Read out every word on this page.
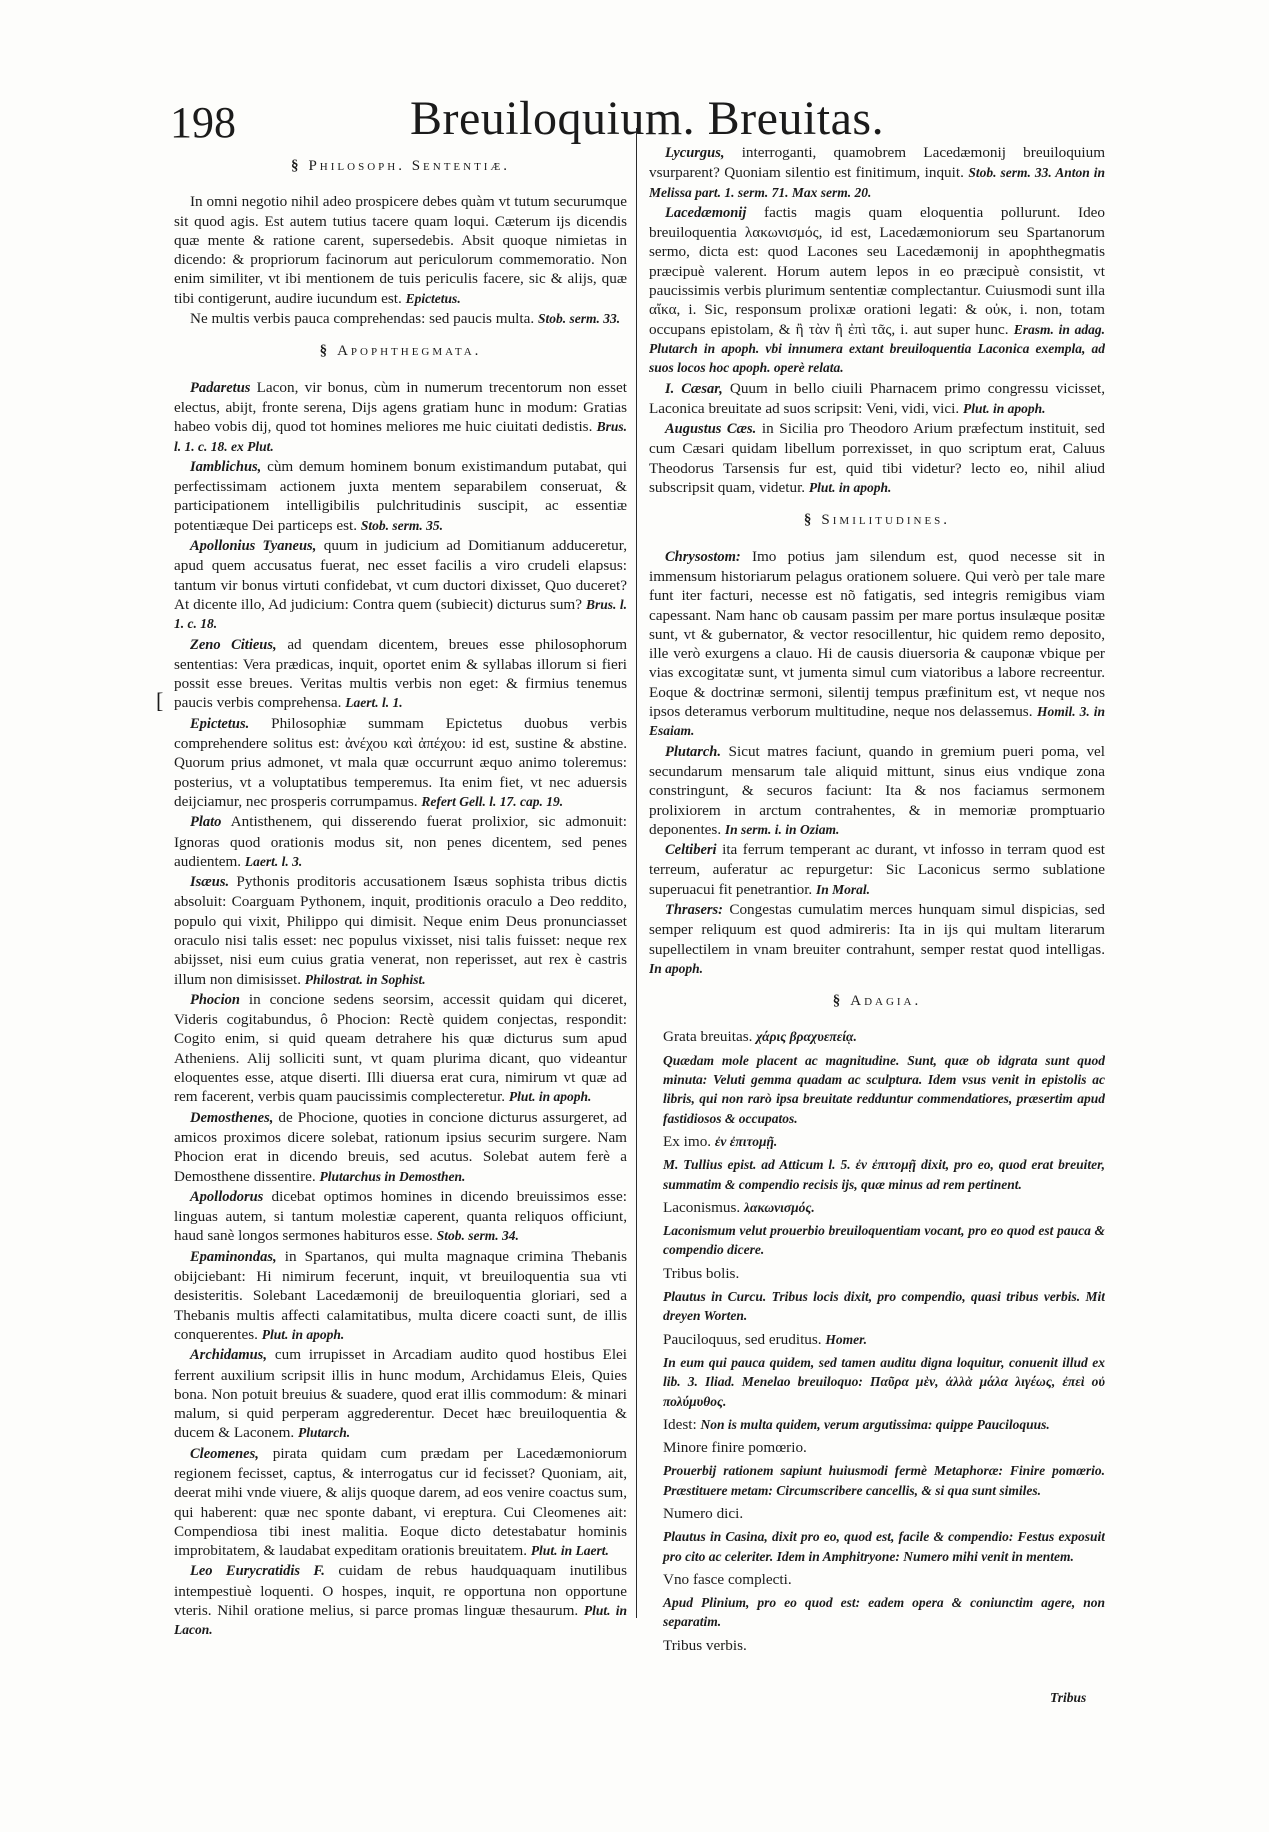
198	Breuiloquium. Breuitas.
[
§ Philosoph. Sententiæ.

In omni negotio nihil adeo prospicere debes quàm vt tutum securumque sit quod agis. Est autem tutius tacere quam loqui. Cæterum ijs dicendis quæ mente & ratione carent, supersedebis. Absit quoque nimietas in dicendo: & propriorum facinorum aut periculorum commemoratio. Non enim similiter, vt ibi mentionem de tuis periculis facere, sic & alijs, quæ tibi contigerunt, audire iucundum est. Epictetus.

Ne multis verbis pauca comprehendas: sed paucis multa. Stob. serm. 33.

§ Apophthegmata.

Padaretus Lacon, vir bonus, cùm in numerum trecentorum non esset electus, abijt, fronte serena, Dijs agens gratiam hunc in modum: Gratias habeo vobis dij, quod tot homines meliores me huic ciuitati dedistis. Brus. l. 1. c. 18. ex Plut.

Iamblichus, cùm demum hominem bonum existimandum putabat, qui perfectissimam actionem juxta mentem separabilem conseruat, & participationem intelligibilis pulchritudinis suscipit, ac essentiæ potentiæque Dei particeps est. Stob. serm. 35.

Apollonius Tyaneus, quum in judicium ad Domitianum adduceretur, apud quem accusatus fuerat, nec esset facilis a viro crudeli elapsus: tantum vir bonus virtuti confidebat, vt cum ductori dixisset, Quo duceret? At dicente illo, Ad judicium: Contra quem (subiecit) dicturus sum? Brus. l. 1. c. 18.

Zeno Citieus, ad quendam dicentem, breues esse philosophorum sententias: Vera prædicas, inquit, oportet enim & syllabas illorum si fieri possit esse breues. Veritas multis verbis non eget: & firmius tenemus paucis verbis comprehensa. Laert. l. 1.

Epictetus. Philosophiæ summam Epictetus duobus verbis comprehendere solitus est: ἀνέχου καὶ ἀπέχου: id est, sustine & abstine. Quorum prius admonet, vt mala quæ occurrunt æquo animo toleremus: posterius, vt a voluptatibus temperemus. Ita enim fiet, vt nec aduersis deijciamur, nec prosperis corrumpamus. Refert Gell. l. 17. cap. 19.

Plato Antisthenem, qui disserendo fuerat prolixior, sic admonuit: Ignoras quod orationis modus sit, non penes dicentem, sed penes audientem. Laert. l. 3.

Isæus. Pythonis proditoris accusationem Isæus sophista tribus dictis absoluit: Coarguam Pythonem, inquit, proditionis oraculo a Deo reddito, populo qui vixit, Philippo qui dimisit. Neque enim Deus pronunciasset oraculo nisi talis esset: nec populus vixisset, nisi talis fuisset: neque rex abijsset, nisi eum cuius gratia venerat, non reperisset, aut rex è castris illum non dimisisset. Philostrat. in Sophist.

Phocion in concione sedens seorsim, accessit quidam qui diceret, Videris cogitabundus, ô Phocion: Rectè quidem conjectas, respondit: Cogito enim, si quid queam detrahere his quæ dicturus sum apud Atheniens. Alij solliciti sunt, vt quam plurima dicant, quo videantur eloquentes esse, atque diserti. Illi diuersa erat cura, nimirum vt quæ ad rem facerent, verbis quam paucissimis complecteretur. Plut. in apoph.

Demosthenes, de Phocione, quoties in concione dicturus assurgeret, ad amicos proximos dicere solebat, rationum ipsius securim surgere. Nam Phocion erat in dicendo breuis, sed acutus. Solebat autem ferè a Demosthene dissentire. Plutarchus in Demosthen.

Apollodorus dicebat optimos homines in dicendo breuissimos esse: linguas autem, si tantum molestiæ caperent, quanta reliquos officiunt, haud sanè longos sermones habituros esse. Stob. serm. 34.

Epaminondas, in Spartanos, qui multa magnaque crimina Thebanis obijciebant: Hi nimirum fecerunt, inquit, vt breuiloquentia sua vti desisteritis. Solebant Lacedæmonij de breuiloquentia gloriari, sed a Thebanis multis affecti calamitatibus, multa dicere coacti sunt, de illis conquerentes. Plut. in apoph.

Archidamus, cum irrupisset in Arcadiam audito quod hostibus Elei ferrent auxilium scripsit illis in hunc modum, Archidamus Eleis, Quies bona. Non potuit breuius & suadere, quod erat illis commodum: & minari malum, si quid perperam aggrederentur. Decet hæc breuiloquentia & ducem & Laconem. Plutarch.

Cleomenes, pirata quidam cum prædam per Lacedæmoniorum regionem fecisset, captus, & interrogatus cur id fecisset? Quoniam, ait, deerat mihi vnde viuere, & alijs quoque darem, ad eos venire coactus sum, qui haberent: quæ nec sponte dabant, vi ereptura. Cui Cleomenes ait: Compendiosa tibi inest malitia. Eoque dicto detestabatur hominis improbitatem, & laudabat expeditam orationis breuitatem. Plut. in Laert.

Leo Eurycratidis F. cuidam de rebus haudquaquam inutilibus intempestiuè loquenti. O hospes, inquit, re opportuna non opportune vteris. Nihil oratione melius, si parce promas linguæ thesaurum. Plut. in Lacon.

Lycurgus, interroganti, quamobrem Lacedæmonij breuiloquium vsurparent? Quoniam silentio est finitimum, inquit. Stob. serm. 33. Anton in Melissa part. 1. serm. 71. Max serm. 20.

Lacedæmonij factis magis quam eloquentia pollurunt. Ideo breuiloquentia λακωνισμός, id est, Lacedæmoniorum seu Spartanorum sermo, dicta est: quod Lacones seu Lacedæmonij in apophthegmatis præcipuè valerent. Horum autem lepos in eo præcipuè consistit, vt paucissimis verbis plurimum sententiæ complectantur. Cuiusmodi sunt illa αἴκα, i. Sic, responsum prolixæ orationi legati: & οὐκ, i. non, totam occupans epistolam, & ἢ τὰν ἢ ἐπὶ τᾶς, i. aut super hunc. Erasm. in adag. Plutarch in apoph. vbi innumera extant breuiloquentia Laconica exempla, ad suos locos hoc apoph. operè relata.

I. Cæsar, Quum in bello ciuili Pharnacem primo congressu vicisset, Laconica breuitate ad suos scripsit: Veni, vidi, vici. Plut. in apoph.

Augustus Cæs. in Sicilia pro Theodoro Arium præfectum instituit, sed cum Cæsari quidam libellum porrexisset, in quo scriptum erat, Caluus Theodorus Tarsensis fur est, quid tibi videtur? lecto eo, nihil aliud subscripsit quam, videtur. Plut. in apoph.

§ Similitudines.

Chrysostom: Imo potius jam silendum est, quod necesse sit in immensum historiarum pelagus orationem soluere. Qui verò per tale mare funt iter facturi, necesse est nõ fatigatis, sed integris remigibus viam capessant. Nam hanc ob causam passim per mare portus insulæque positæ sunt, vt & gubernator, & vector resocillentur, hic quidem remo deposito, ille verò exurgens a clauo. Hi de causis diuersoria & cauponæ vbique per vias excogitatæ sunt, vt jumenta simul cum viatoribus a labore recreentur. Eoque & doctrinæ sermoni, silentij tempus præfinitum est, vt neque nos ipsos deteramus verborum multitudine, neque nos delassemus. Homil. 3. in Esaiam.

Plutarch. Sicut matres faciunt, quando in gremium pueri poma, vel secundarum mensarum tale aliquid mittunt, sinus eius vndique zona constringunt, & securos faciunt: Ita & nos faciamus sermonem prolixiorem in arctum contrahentes, & in memoriæ promptuario deponentes. In serm. i. in Oziam.

Celtiberi ita ferrum temperant ac durant, vt infosso in terram quod est terreum, auferatur ac repurgetur: Sic Laconicus sermo sublatione superuacui fit penetrantior. In Moral.

Thrasers: Congestas cumulatim merces hunquam simul dispicias, sed semper reliquum est quod admireris: Ita in ijs qui multam literarum supellectilem in vnam breuiter contrahunt, semper restat quod intelligas. In apoph.

§ Adagia.

Grata breuitas. χάρις βραχυεπείᾳ.

Quædam mole placent ac magnitudine. Sunt, quæ ob idgrata sunt quod minuta: Veluti gemma quadam ac sculptura. Idem vsus venit in epistolis ac libris, qui non rarò ipsa breuitate redduntur commendatiores, præsertim apud fastidiosos & occupatos.

Ex imo. ἐν ἐπιτομῇ.

M. Tullius epist. ad Atticum l. 5. ἐν ἐπιτομῇ dixit, pro eo, quod erat breuiter, summatim & compendio recisis ijs, quæ minus ad rem pertinent.

Laconismus. λακωνισμός.

Laconismum velut prouerbio breuiloquentiam vocant, pro eo quod est pauca & compendio dicere.

Tribus bolis.

Plautus in Curcu. Tribus locis dixit, pro compendio, quasi tribus verbis. Mit dreyen Worten.

Pauciloquus, sed eruditus. Homer.

In eum qui pauca quidem, sed tamen auditu digna loquitur, conuenit illud ex lib. 3. Iliad. Menelao breuiloquo: Παῦρα μὲν, ἀλλὰ μάλα λιγέως, ἐπεὶ οὐ πολύμυθος.

Idest: Non is multa quidem, verum argutissima: quippe Pauciloquus.

Minore finire pomœrio.

Prouerbij rationem sapiunt huiusmodi fermè Metaphoræ: Finire pomœrio. Præstituere metam: Circumscribere cancellis, & si qua sunt similes.

Numero dici.

Plautus in Casina, dixit pro eo, quod est, facile & compendio: Festus exposuit pro cito ac celeriter. Idem in Amphitryone: Numero mihi venit in mentem.

Vno fasce complecti.

Apud Plinium, pro eo quod est: eadem opera & coniunctim agere, non separatim.

Tribus verbis.

Tribus
